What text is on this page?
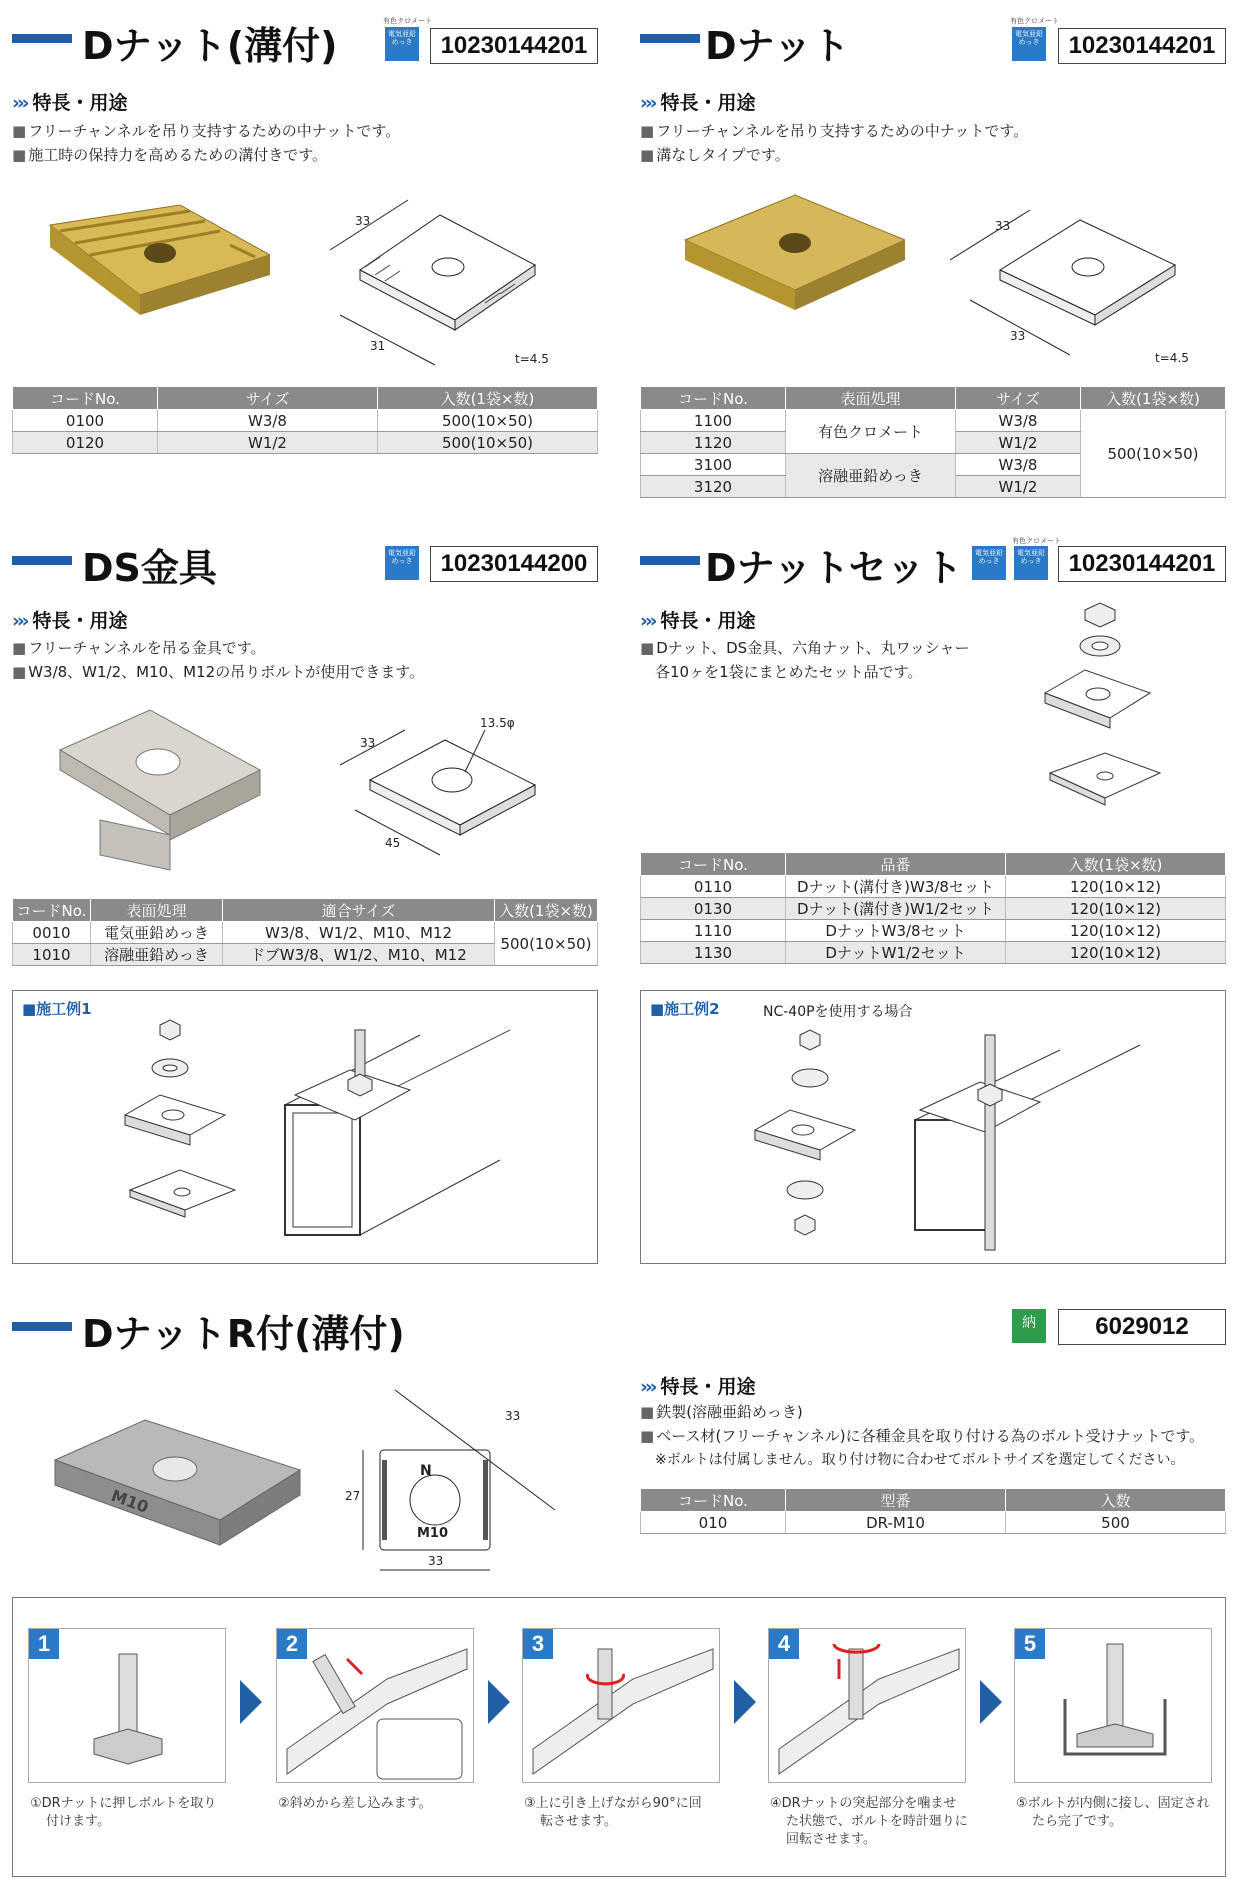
Dナット(溝付)
有色クロメート
電気亜鉛めっき	10230144201
››› 特長・用途
■ フリーチャンネルを吊り支持するための中ナットです。
■ 施工時の保持力を高めるための溝付きです。
33
31
t=4.5
コードNo.	サイズ	入数(1袋×数)
0100	W3/8	500(10×50)
0120	W1/2	500(10×50)
Dナット
有色クロメート
電気亜鉛めっき	10230144201
››› 特長・用途
■ フリーチャンネルを吊り支持するための中ナットです。
■ 溝なしタイプです。
33
33
t=4.5
コードNo.	表面処理	サイズ	入数(1袋×数)
1100	有色クロメート	W3/8	500(10×50)
1120		W1/2	
3100	溶融亜鉛めっき	W3/8	
3120		W1/2	
DS金具	電気亜鉛めっき	10230144200
››› 特長・用途
■ フリーチャンネルを吊る金具です。
■ W3/8、W1/2、M10、M12の吊りボルトが使用できます。
33
45
13.5φ
コードNo.	表面処理	適合サイズ	入数(1袋×数)
0010	電気亜鉛めっき	W3/8、W1/2、M10、M12	500(10×50)
1010	溶融亜鉛めっき	ドブW3/8、W1/2、M10、M12	
Dナットセット
有色クロメート
電気亜鉛めっき
電気亜鉛めっき	10230144201
››› 特長・用途
■ Dナット、DS金具、六角ナット、丸ワッシャー
各10ヶを1袋にまとめたセット品です。
コードNo.	品番	入数(1袋×数)
0110	Dナット(溝付き)W3/8セット	120(10×12)
0130	Dナット(溝付き)W1/2セット	120(10×12)
1110	DナットW3/8セット	120(10×12)
1130	DナットW1/2セット	120(10×12)
■施工例1	■施工例2	NC-40Pを使用する場合
DナットR付(溝付)	納	6029012
M10
N
M10
33
27
33
››› 特長・用途
■ 鉄製(溶融亜鉛めっき)
■ ベース材(フリーチャンネル)に各種金具を取り付ける為のボルト受けナットです。
※ボルトは付属しません。取り付け物に合わせてボルトサイズを選定してください。
コードNo.	型番	入数
010	DR-M10	500
1	2	3	4	5
①DRナットに押しボルトを取り
付けます。
②斜めから差し込みます。	③上に引き上げながら90°に回
転させます。
④DRナットの突起部分を噛ませ
た状態で、ボルトを時計廻りに
回転させます。
⑤ボルトが内側に接し、固定され
たら完了です。
